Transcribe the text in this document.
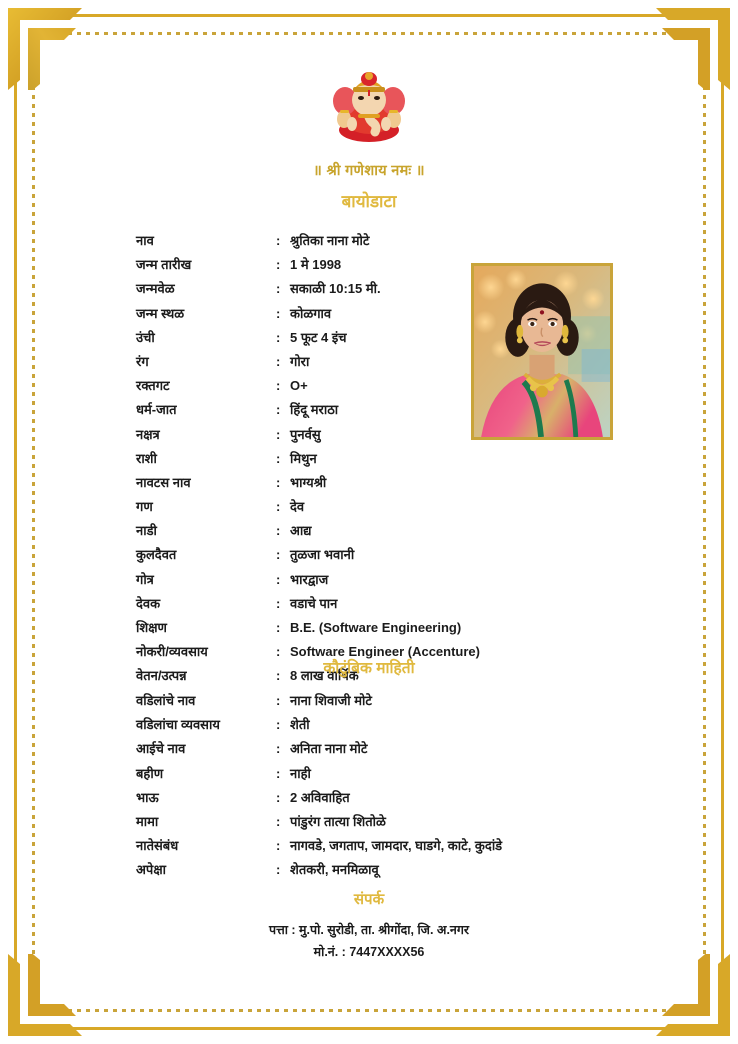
॥ श्री गणेशाय नमः ॥
बायोडाटा
नाव	: श्रुतिका नाना मोटे
जन्म तारीख	: 1 मे 1998
जन्मवेळ	: सकाळी 10:15 मी.
जन्म स्थळ	: कोळगाव
उंची	: 5 फूट 4 इंच
रंग	: गोरा
रक्तगट	: O+
धर्म-जात	: हिंदू मराठा
नक्षत्र	: पुनर्वसु
राशी	: मिथुन
नावटस नाव	: भाग्यश्री
गण	: देव
नाडी	: आद्य
कुलदैवत	: तुळजा भवानी
गोत्र	: भारद्वाज
देवक	: वडाचे पान
शिक्षण	: B.E. (Software Engineering)
नोकरी/व्यवसाय	: Software Engineer (Accenture)
वेतन/उत्पन्न	: 8 लाख वार्षिक
कौटुंबिक माहिती
वडिलांचे नाव	: नाना शिवाजी मोटे
वडिलांचा व्यवसाय	: शेती
आईचे नाव	: अनिता नाना मोटे
बहीण	: नाही
भाऊ	: 2 अविवाहित
मामा	: पांडुरंग तात्या शितोळे
नातेसंबंध	: नागवडे, जगताप, जामदार, घाडगे, काटे, कुदांडे
अपेक्षा	: शेतकरी, मनमिळावू
संपर्क
पत्ता : मु.पो. सुरोडी, ता. श्रीगोंदा, जि. अ.नगर
मो.नं. : 7447XXXX56
